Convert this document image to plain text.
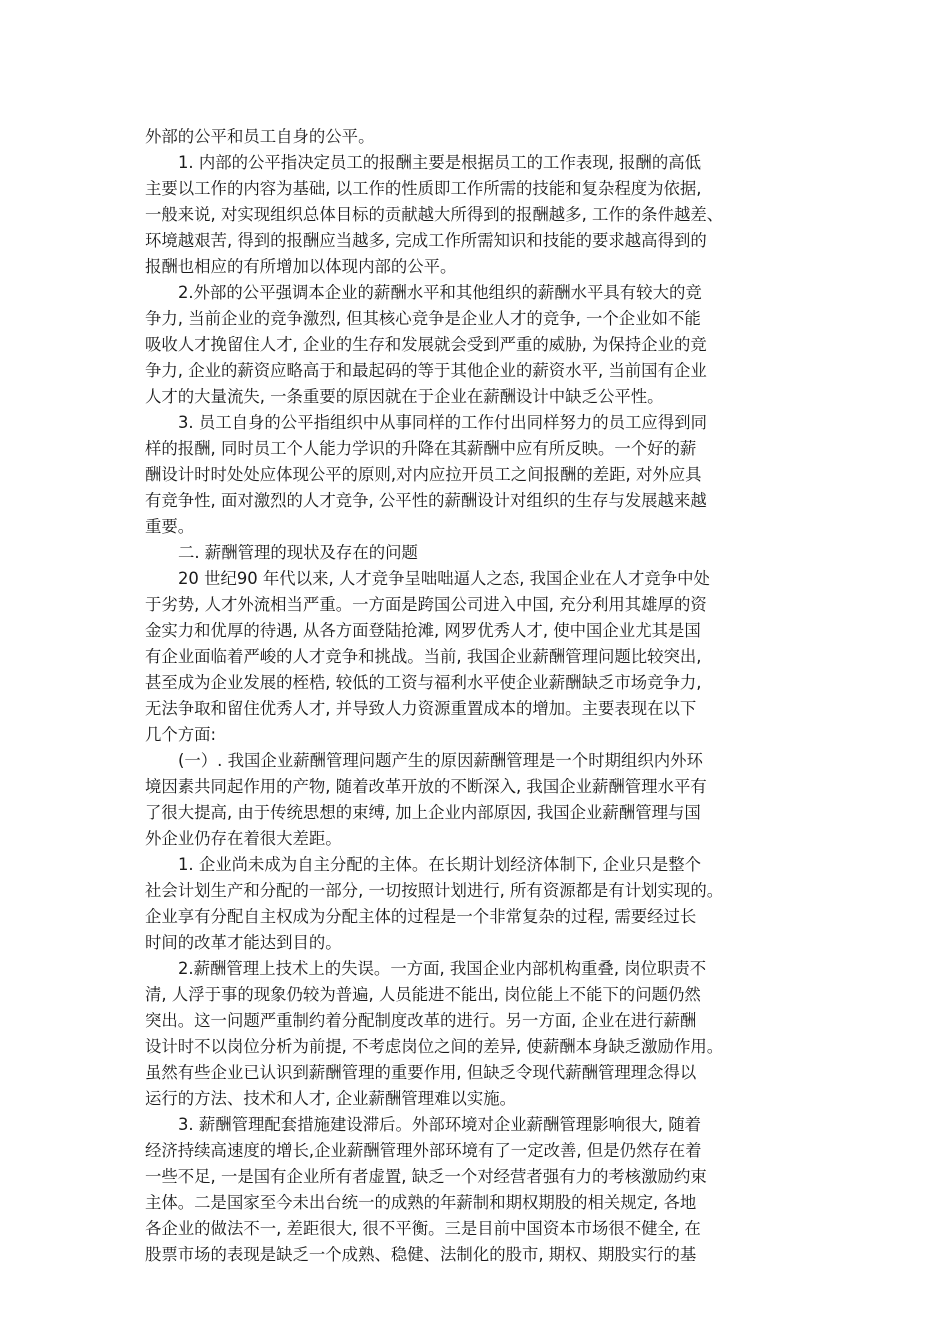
外部的公平和员工自身的公平。
1. 内部的公平指决定员工的报酬主要是根据员工的工作表现, 报酬的高低
主要以工作的内容为基础, 以工作的性质即工作所需的技能和复杂程度为依据,
一般来说, 对实现组织总体目标的贡献越大所得到的报酬越多, 工作的条件越差、
环境越艰苦, 得到的报酬应当越多, 完成工作所需知识和技能的要求越高得到的
报酬也相应的有所增加以体现内部的公平。
2.外部的公平强调本企业的薪酬水平和其他组织的薪酬水平具有较大的竞
争力, 当前企业的竞争激烈, 但其核心竞争是企业人才的竞争, 一个企业如不能
吸收人才挽留住人才, 企业的生存和发展就会受到严重的威胁, 为保持企业的竞
争力, 企业的薪资应略高于和最起码的等于其他企业的薪资水平, 当前国有企业
人才的大量流失, 一条重要的原因就在于企业在薪酬设计中缺乏公平性。
3. 员工自身的公平指组织中从事同样的工作付出同样努力的员工应得到同
样的报酬, 同时员工个人能力学识的升降在其薪酬中应有所反映。一个好的薪
酬设计时时处处应体现公平的原则,对内应拉开员工之间报酬的差距, 对外应具
有竞争性, 面对激烈的人才竞争, 公平性的薪酬设计对组织的生存与发展越来越
重要。
二. 薪酬管理的现状及存在的问题
20 世纪90 年代以来, 人才竞争呈咄咄逼人之态, 我国企业在人才竞争中处
于劣势, 人才外流相当严重。一方面是跨国公司进入中国, 充分利用其雄厚的资
金实力和优厚的待遇, 从各方面登陆抢滩, 网罗优秀人才, 使中国企业尤其是国
有企业面临着严峻的人才竞争和挑战。当前, 我国企业薪酬管理问题比较突出,
甚至成为企业发展的桎梏, 较低的工资与福利水平使企业薪酬缺乏市场竞争力,
无法争取和留住优秀人才, 并导致人力资源重置成本的增加。主要表现在以下
几个方面:
(一）. 我国企业薪酬管理问题产生的原因薪酬管理是一个时期组织内外环
境因素共同起作用的产物, 随着改革开放的不断深入, 我国企业薪酬管理水平有
了很大提高, 由于传统思想的束缚, 加上企业内部原因, 我国企业薪酬管理与国
外企业仍存在着很大差距。
1. 企业尚未成为自主分配的主体。在长期计划经济体制下, 企业只是整个
社会计划生产和分配的一部分, 一切按照计划进行, 所有资源都是有计划实现的。
企业享有分配自主权成为分配主体的过程是一个非常复杂的过程, 需要经过长
时间的改革才能达到目的。
2.薪酬管理上技术上的失误。一方面, 我国企业内部机构重叠, 岗位职责不
清, 人浮于事的现象仍较为普遍, 人员能进不能出, 岗位能上不能下的问题仍然
突出。这一问题严重制约着分配制度改革的进行。另一方面, 企业在进行薪酬
设计时不以岗位分析为前提, 不考虑岗位之间的差异, 使薪酬本身缺乏激励作用。
虽然有些企业已认识到薪酬管理的重要作用, 但缺乏令现代薪酬管理理念得以
运行的方法、技术和人才, 企业薪酬管理难以实施。
3. 薪酬管理配套措施建设滞后。外部环境对企业薪酬管理影响很大, 随着
经济持续高速度的增长,企业薪酬管理外部环境有了一定改善, 但是仍然存在着
一些不足, 一是国有企业所有者虚置, 缺乏一个对经营者强有力的考核激励约束
主体。二是国家至今未出台统一的成熟的年薪制和期权期股的相关规定, 各地
各企业的做法不一, 差距很大, 很不平衡。三是目前中国资本市场很不健全, 在
股票市场的表现是缺乏一个成熟、稳健、法制化的股市, 期权、期股实行的基
